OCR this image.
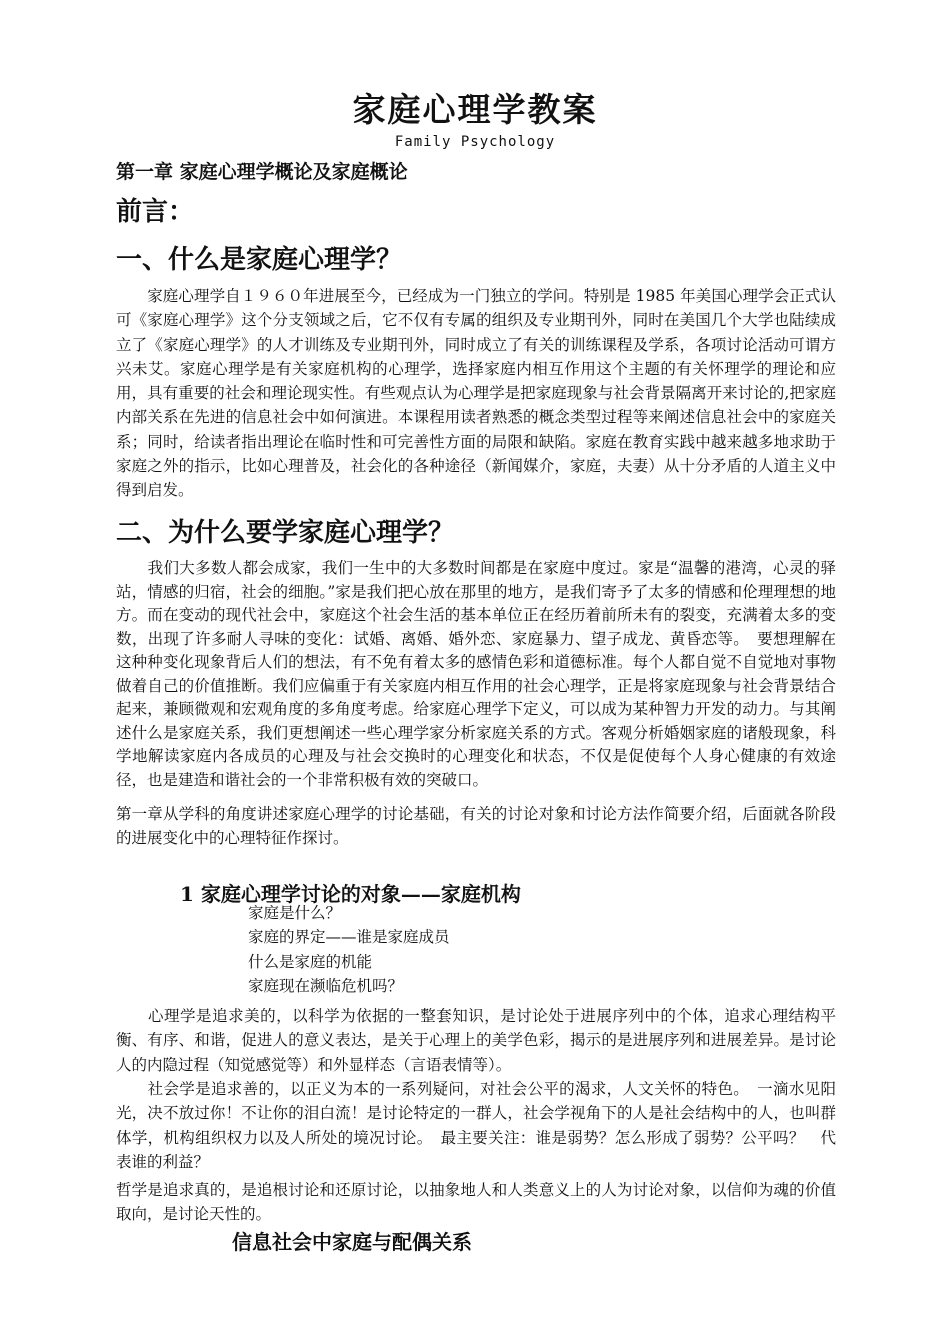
家庭心理学教案
Family Psychology
第一章 家庭心理学概论及家庭概论
前言：
一、什么是家庭心理学？
　　家庭心理学自１９６０年进展至今，已经成为一门独立的学问。特别是 1985 年美国心理学会正式认可《家庭心理学》这个分支领域之后，它不仅有专属的组织及专业期刊外，同时在美国几个大学也陆续成立了《家庭心理学》的人才训练及专业期刊外，同时成立了有关的训练课程及学系，各项讨论活动可谓方兴未艾。家庭心理学是有关家庭机构的心理学，选择家庭内相互作用这个主题的有关怀理学的理论和应用，具有重要的社会和理论现实性。有些观点认为心理学是把家庭现象与社会背景隔离开来讨论的,把家庭内部关系在先进的信息社会中如何演进。本课程用读者熟悉的概念类型过程等来阐述信息社会中的家庭关系；同时，给读者指出理论在临时性和可完善性方面的局限和缺陷。家庭在教育实践中越来越多地求助于家庭之外的指示，比如心理普及，社会化的各种途径（新闻媒介，家庭，夫妻）从十分矛盾的人道主义中得到启发。
二、为什么要学家庭心理学？
　　我们大多数人都会成家，我们一生中的大多数时间都是在家庭中度过。家是“温馨的港湾，心灵的驿站，情感的归宿，社会的细胞。”家是我们把心放在那里的地方，是我们寄予了太多的情感和伦理理想的地方。而在变动的现代社会中，家庭这个社会生活的基本单位正在经历着前所未有的裂变，充满着太多的变数，出现了许多耐人寻味的变化：试婚、离婚、婚外恋、家庭暴力、望子成龙、黄昏恋等。　要想理解在这种种变化现象背后人们的想法，有不免有着太多的感情色彩和道德标准。每个人都自觉不自觉地对事物做着自己的价值推断。我们应偏重于有关家庭内相互作用的社会心理学，正是将家庭现象与社会背景结合起来，兼顾微观和宏观角度的多角度考虑。给家庭心理学下定义，可以成为某种智力开发的动力。与其阐述什么是家庭关系，我们更想阐述一些心理学家分析家庭关系的方式。客观分析婚姻家庭的诸般现象，科学地解读家庭内各成员的心理及与社会交换时的心理变化和状态，不仅是促使每个人身心健康的有效途径，也是建造和谐社会的一个非常积极有效的突破口。
第一章从学科的角度讲述家庭心理学的讨论基础，有关的讨论对象和讨论方法作简要介绍，后面就各阶段的进展变化中的心理特征作探讨。
1 家庭心理学讨论的对象——家庭机构
家庭是什么？
家庭的界定——谁是家庭成员
什么是家庭的机能
家庭现在濒临危机吗？
　　心理学是追求美的，以科学为依据的一整套知识，是讨论处于进展序列中的个体，追求心理结构平衡、有序、和谐，促进人的意义表达，是关于心理上的美学色彩，揭示的是进展序列和进展差异。是讨论人的内隐过程（知觉感觉等）和外显样态（言语表情等）。
　　社会学是追求善的，以正义为本的一系列疑问，对社会公平的渴求，人文关怀的特色。　一滴水见阳光，决不放过你！不让你的泪白流！是讨论特定的一群人，社会学视角下的人是社会结构中的人，也叫群体学，机构组织权力以及人所处的境况讨论。　最主要关注：谁是弱势？怎么形成了弱势？公平吗？　代表谁的利益？
哲学是追求真的，是追根讨论和还原讨论，以抽象地人和人类意义上的人为讨论对象，以信仰为魂的价值取向，是讨论天性的。
信息社会中家庭与配偶关系
